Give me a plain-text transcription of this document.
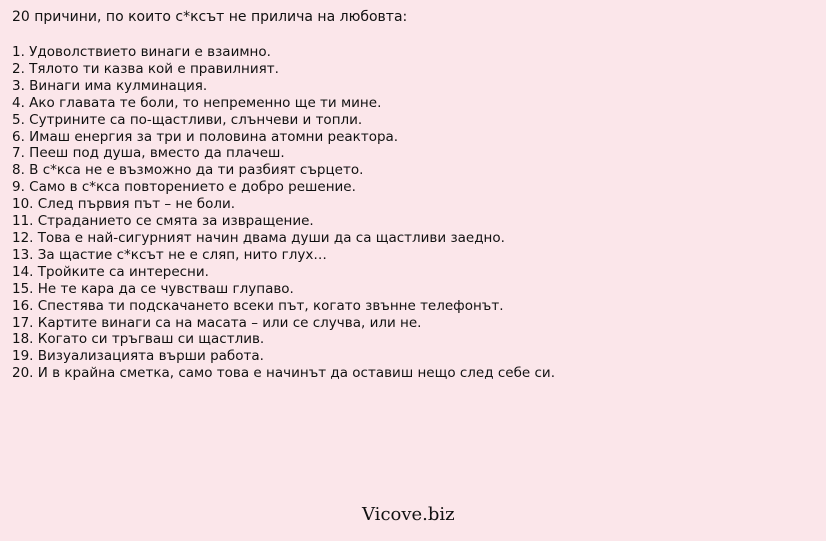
20 причини, по които с*ксът не прилича на любовта:
1. Удоволствието винаги е взаимно.
2. Тялото ти казва кой е правилният.
3. Винаги има кулминация.
4. Ако главата те боли, то непременно ще ти мине.
5. Сутрините са по-щастливи, слънчеви и топли.
6. Имаш енергия за три и половина атомни реактора.
7. Пееш под душа, вместо да плачеш.
8. В с*кса не е възможно да ти разбият сърцето.
9. Само в с*кса повторението е добро решение.
10. След първия път – не боли.
11. Страданието се смята за извращение.
12. Това е най-сигурният начин двама души да са щастливи заедно.
13. За щастие с*ксът не е сляп, нито глух…
14. Тройките са интересни.
15. Не те кара да се чувстваш глупаво.
16. Спестява ти подскачането всеки път, когато звънне телефонът.
17. Картите винаги са на масата – или се случва, или не.
18. Когато си тръгваш си щастлив.
19. Визуализацията върши работа.
20. И в крайна сметка, само това е начинът да оставиш нещо след себе си.
Vicove.biz
